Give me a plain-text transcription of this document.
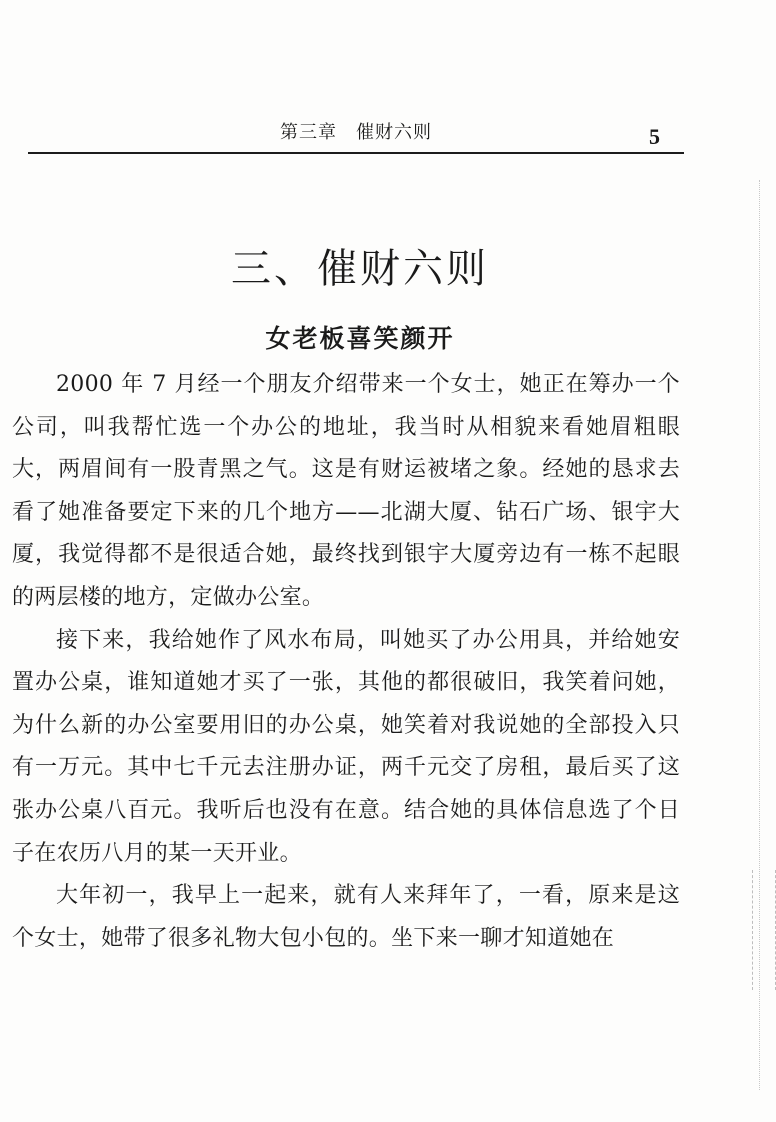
第三章　催财六则	5
三、催财六则
女老板喜笑颜开

2000 年 7 月经一个朋友介绍带来一个女士，她正在筹办一个公司，叫我帮忙选一个办公的地址，我当时从相貌来看她眉粗眼大，两眉间有一股青黑之气。这是有财运被堵之象。经她的恳求去看了她准备要定下来的几个地方——北湖大厦、钻石广场、银宇大厦，我觉得都不是很适合她，最终找到银宇大厦旁边有一栋不起眼的两层楼的地方，定做办公室。

接下来，我给她作了风水布局，叫她买了办公用具，并给她安置办公桌，谁知道她才买了一张，其他的都很破旧，我笑着问她，为什么新的办公室要用旧的办公桌，她笑着对我说她的全部投入只有一万元。其中七千元去注册办证，两千元交了房租，最后买了这张办公桌八百元。我听后也没有在意。结合她的具体信息选了个日子在农历八月的某一天开业。

大年初一，我早上一起来，就有人来拜年了，一看，原来是这个女士，她带了很多礼物大包小包的。坐下来一聊才知道她在
